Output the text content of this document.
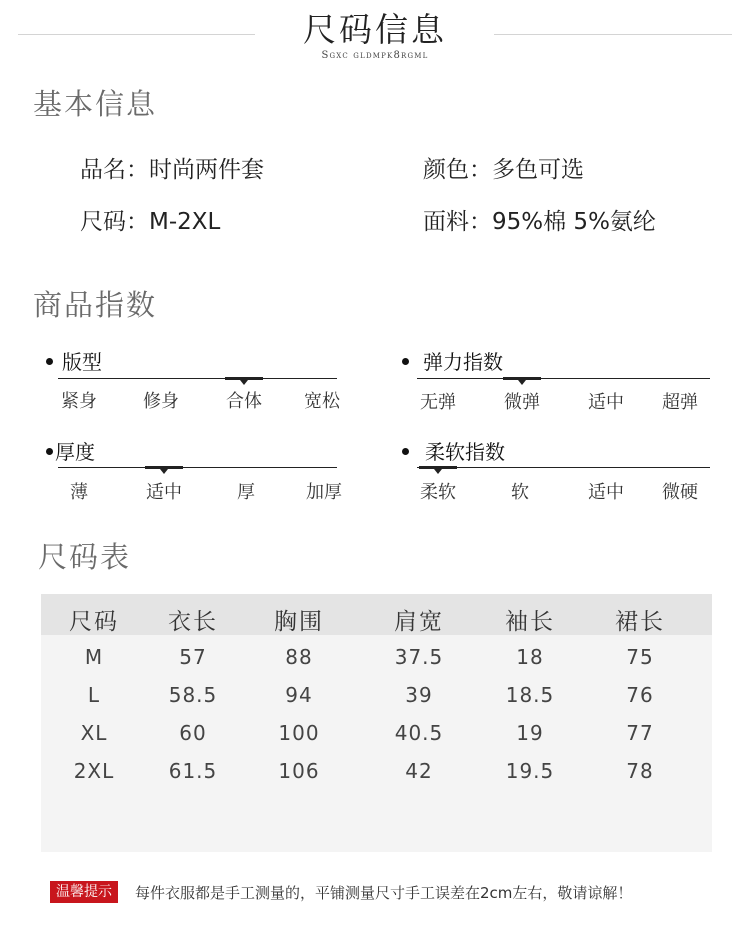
尺码信息
Sgxc gldmpk8rgml
基本信息
品名：时尚两件套	颜色：多色可选
尺码：M-2XL	面料：95%棉 5%氨纶
商品指数
版型	弹力指数
厚度	柔软指数
紧身	修身	合体	宽松	无弹	微弹	适中	超弹
薄	适中	厚	加厚	柔软	软	适中	微硬
尺码表
尺码	衣长	胸围	肩宽	袖长	裙长
M	57	88	37.5	18	75
L	58.5	94	39	18.5	76
XL	60	100	40.5	19	77
2XL	61.5	106	42	19.5	78
温馨提示	每件衣服都是手工测量的，平铺测量尺寸手工误差在2cm左右，敬请谅解！
